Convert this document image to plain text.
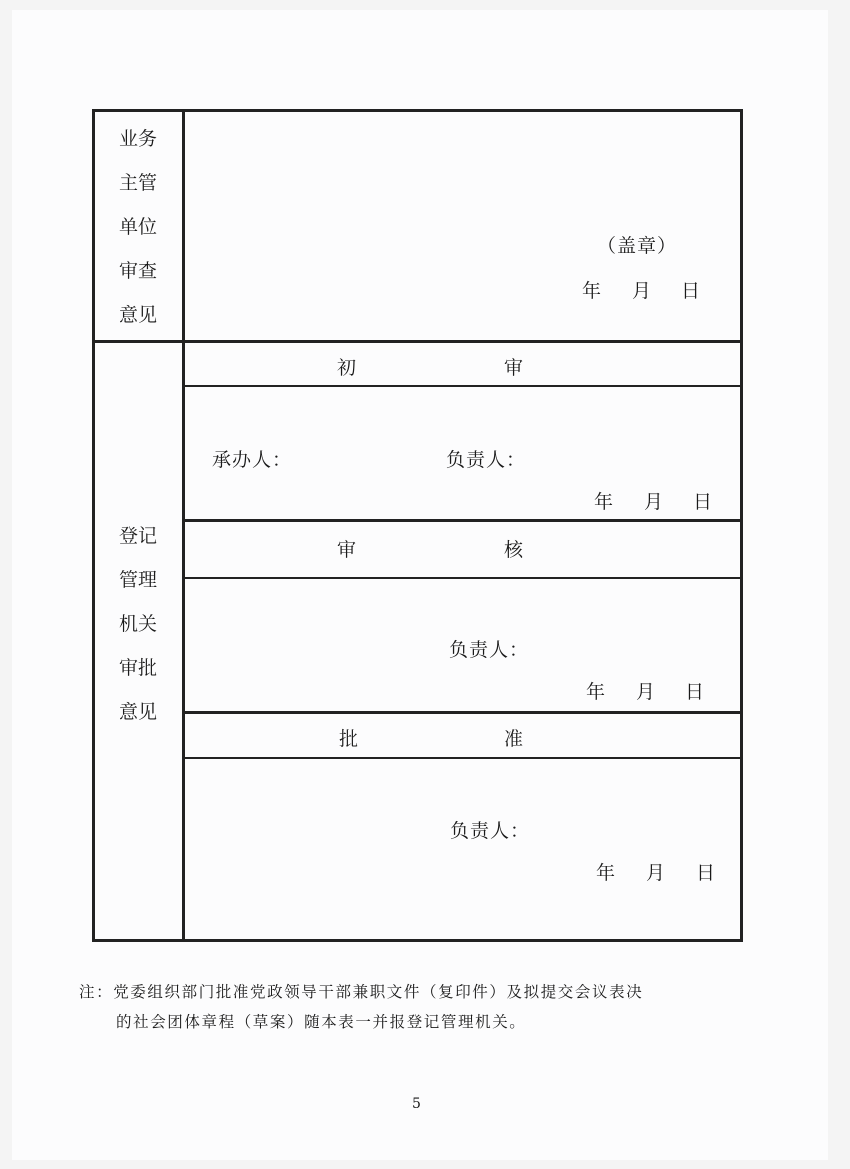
业务
主管
单位
审查
意见
（盖章）
年 月 日
登记
管理
机关
审批
意见
初	审
承办人：	负责人：
年 月 日
审	核
负责人：
年 月 日
批	准
负责人：
年 月 日
注：党委组织部门批准党政领导干部兼职文件（复印件）及拟提交会议表决
的社会团体章程（草案）随本表一并报登记管理机关。
5
